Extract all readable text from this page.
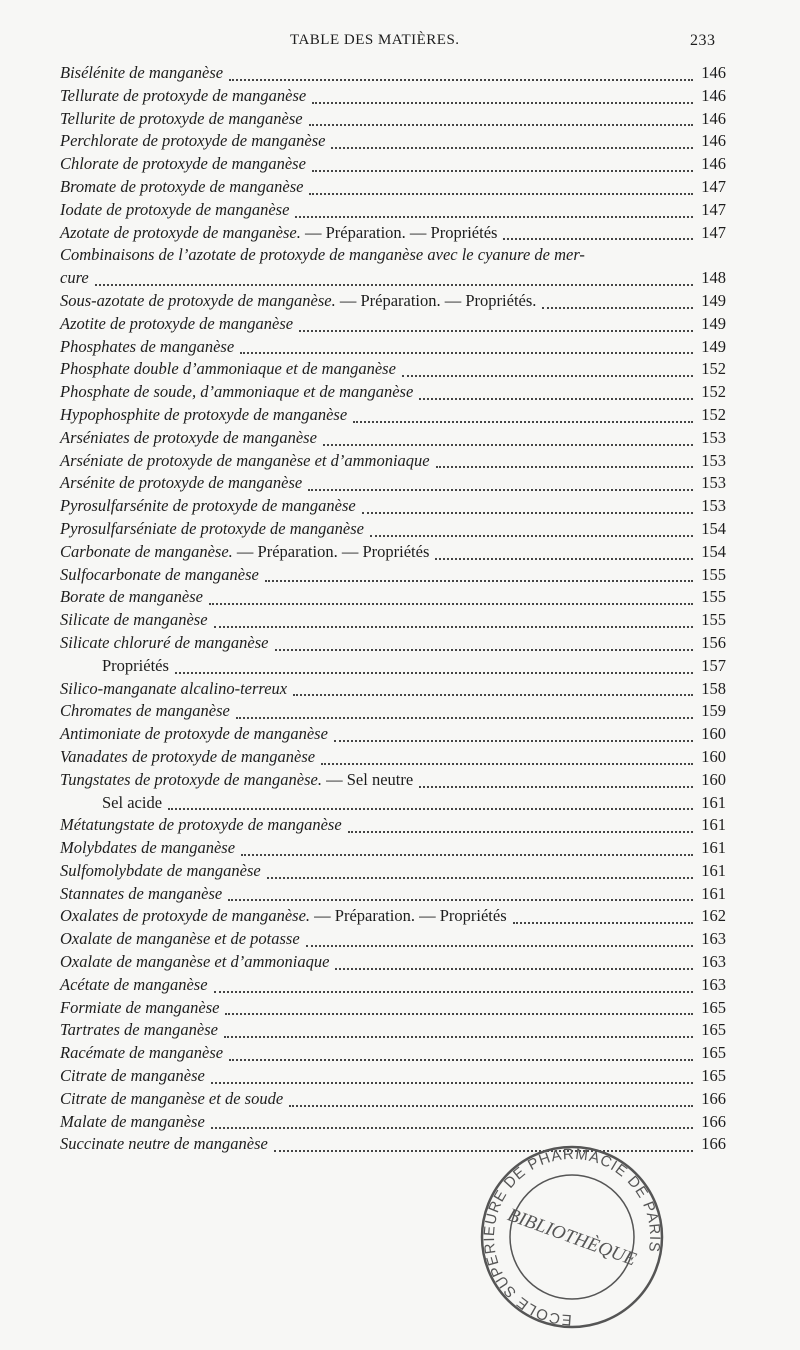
TABLE DES MATIÈRES.	233
Bisélénite de manganèse	146
Tellurate de protoxyde de manganèse	146
Tellurite de protoxyde de manganèse	146
Perchlorate de protoxyde de manganèse	146
Chlorate de protoxyde de manganèse	146
Bromate de protoxyde de manganèse	147
Iodate de protoxyde de manganèse	147
Azotate de protoxyde de manganèse. — Préparation. — Propriétés	147
Combinaisons de l’azotate de protoxyde de manganèse avec le cyanure de mer-
cure	148
Sous-azotate de protoxyde de manganèse. — Préparation. — Propriétés.	149
Azotite de protoxyde de manganèse	149
Phosphates de manganèse	149
Phosphate double d’ammoniaque et de manganèse	152
Phosphate de soude, d’ammoniaque et de manganèse	152
Hypophosphite de protoxyde de manganèse	152
Arséniates de protoxyde de manganèse	153
Arséniate de protoxyde de manganèse et d’ammoniaque	153
Arsénite de protoxyde de manganèse	153
Pyrosulfarsénite de protoxyde de manganèse	153
Pyrosulfarséniate de protoxyde de manganèse	154
Carbonate de manganèse. — Préparation. — Propriétés	154
Sulfocarbonate de manganèse	155
Borate de manganèse	155
Silicate de manganèse	155
Silicate chloruré de manganèse	156
Propriétés	157
Silico-manganate alcalino-terreux	158
Chromates de manganèse	159
Antimoniate de protoxyde de manganèse	160
Vanadates de protoxyde de manganèse	160
Tungstates de protoxyde de manganèse. — Sel neutre	160
Sel acide	161
Métatungstate de protoxyde de manganèse	161
Molybdates de manganèse	161
Sulfomolybdate de manganèse	161
Stannates de manganèse	161
Oxalates de protoxyde de manganèse. — Préparation. — Propriétés	162
Oxalate de manganèse et de potasse	163
Oxalate de manganèse et d’ammoniaque	163
Acétate de manganèse	163
Formiate de manganèse	165
Tartrates de manganèse	165
Racémate de manganèse	165
Citrate de manganèse	165
Citrate de manganèse et de soude	166
Malate de manganèse	166
Succinate neutre de manganèse	166
ÉCOLE SUPÉRIEURE DE PHARMACIE DE PARIS
BIBLIOTHÈQUE
